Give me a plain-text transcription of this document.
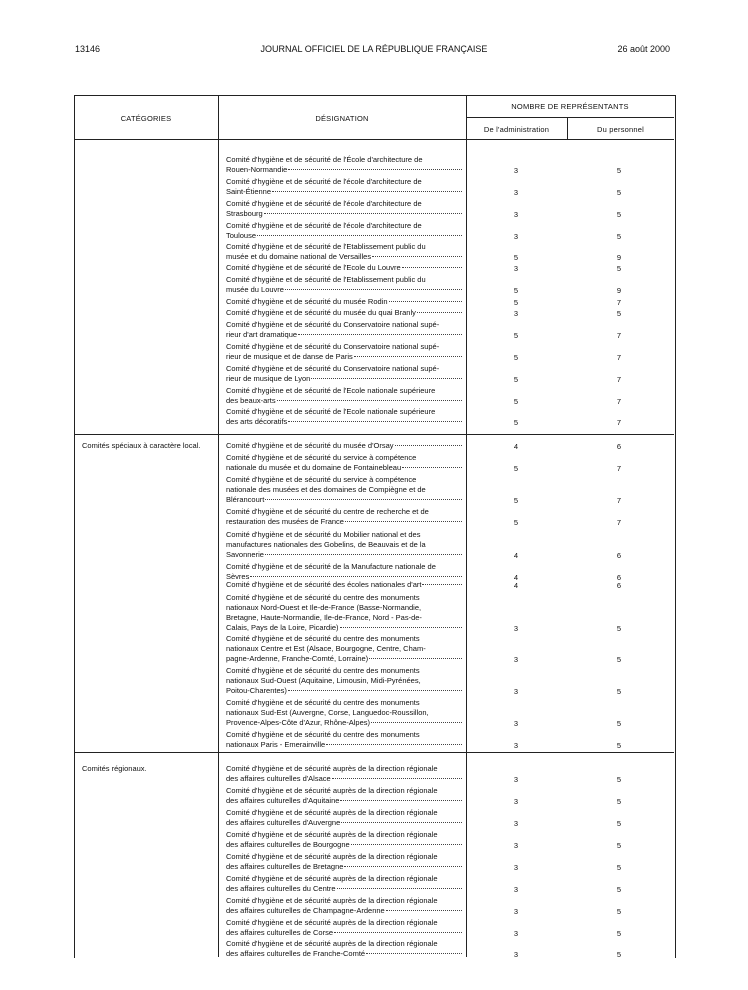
13146	JOURNAL OFFICIEL DE LA RÉPUBLIQUE FRANÇAISE	26 août 2000
CATÉGORIES	DÉSIGNATION
NOMBRE DE REPRÉSENTANTS
De l'administration	Du personnel
Comité d'hygiène et de sécurité de l'École d'architecture de
Rouen-Normandie	3	5
Comité d'hygiène et de sécurité de l'école d'architecture de
Saint-Étienne	3	5
Comité d'hygiène et de sécurité de l'école d'architecture de
Strasbourg	3	5
Comité d'hygiène et de sécurité de l'école d'architecture de
Toulouse	3	5
Comité d'hygiène et de sécurité de l'Etablissement public du
musée et du domaine national de Versailles	5	9
Comité d'hygiène et de sécurité de l'Ecole du Louvre	3	5
Comité d'hygiène et de sécurité de l'Etablissement public du
musée du Louvre	5	9
Comité d'hygiène et de sécurité du musée Rodin	5	7
Comité d'hygiène et de sécurité du musée du quai Branly	3	5
Comité d'hygiène et de sécurité du Conservatoire national supé-
rieur d'art dramatique	5	7
Comité d'hygiène et de sécurité du Conservatoire national supé-
rieur de musique et de danse de Paris	5	7
Comité d'hygiène et de sécurité du Conservatoire national supé-
rieur de musique de Lyon	5	7
Comité d'hygiène et de sécurité de l'Ecole nationale supérieure
des beaux-arts	5	7
Comité d'hygiène et de sécurité de l'Ecole nationale supérieure
des arts décoratifs	5	7
Comités spéciaux à caractère local.	Comité d'hygiène et de sécurité du musée d'Orsay	4	6
Comité d'hygiène et de sécurité du service à compétence
nationale du musée et du domaine de Fontainebleau	5	7
Comité d'hygiène et de sécurité du service à compétence
nationale des musées et des domaines de Compiègne et de
Blérancourt	5	7
Comité d'hygiène et de sécurité du centre de recherche et de
restauration des musées de France	5	7
Comité d'hygiène et de sécurité du Mobilier national et des
manufactures nationales des Gobelins, de Beauvais et de la
Savonnerie	4	6
Comité d'hygiène et de sécurité de la Manufacture nationale de
Sèvres	4	6
Comité d'hygiène et de sécurité des écoles nationales d'art	4	6
Comité d'hygiène et de sécurité du centre des monuments
nationaux Nord-Ouest et Ile-de-France (Basse-Normandie,
Bretagne, Haute-Normandie, Ile-de-France, Nord - Pas-de-
Calais, Pays de la Loire, Picardie)	3	5
Comité d'hygiène et de sécurité du centre des monuments
nationaux Centre et Est (Alsace, Bourgogne, Centre, Cham-
pagne-Ardenne, Franche-Comté, Lorraine)	3	5
Comité d'hygiène et de sécurité du centre des monuments
nationaux Sud-Ouest (Aquitaine, Limousin, Midi-Pyrénées,
Poitou-Charentes)	3	5
Comité d'hygiène et de sécurité du centre des monuments
nationaux Sud-Est (Auvergne, Corse, Languedoc-Roussillon,
Provence-Alpes-Côte d'Azur, Rhône-Alpes)	3	5
Comité d'hygiène et de sécurité du centre des monuments
nationaux Paris - Emerainville	3	5
Comités régionaux.	Comité d'hygiène et de sécurité auprès de la direction régionale
des affaires culturelles d'Alsace	3	5
Comité d'hygiène et de sécurité auprès de la direction régionale
des affaires culturelles d'Aquitaine	3	5
Comité d'hygiène et de sécurité auprès de la direction régionale
des affaires culturelles d'Auvergne	3	5
Comité d'hygiène et de sécurité auprès de la direction régionale
des affaires culturelles de Bourgogne	3	5
Comité d'hygiène et de sécurité auprès de la direction régionale
des affaires culturelles de Bretagne	3	5
Comité d'hygiène et de sécurité auprès de la direction régionale
des affaires culturelles du Centre	3	5
Comité d'hygiène et de sécurité auprès de la direction régionale
des affaires culturelles de Champagne-Ardenne	3	5
Comité d'hygiène et de sécurité auprès de la direction régionale
des affaires culturelles de Corse	3	5
Comité d'hygiène et de sécurité auprès de la direction régionale
des affaires culturelles de Franche-Comté	3	5
